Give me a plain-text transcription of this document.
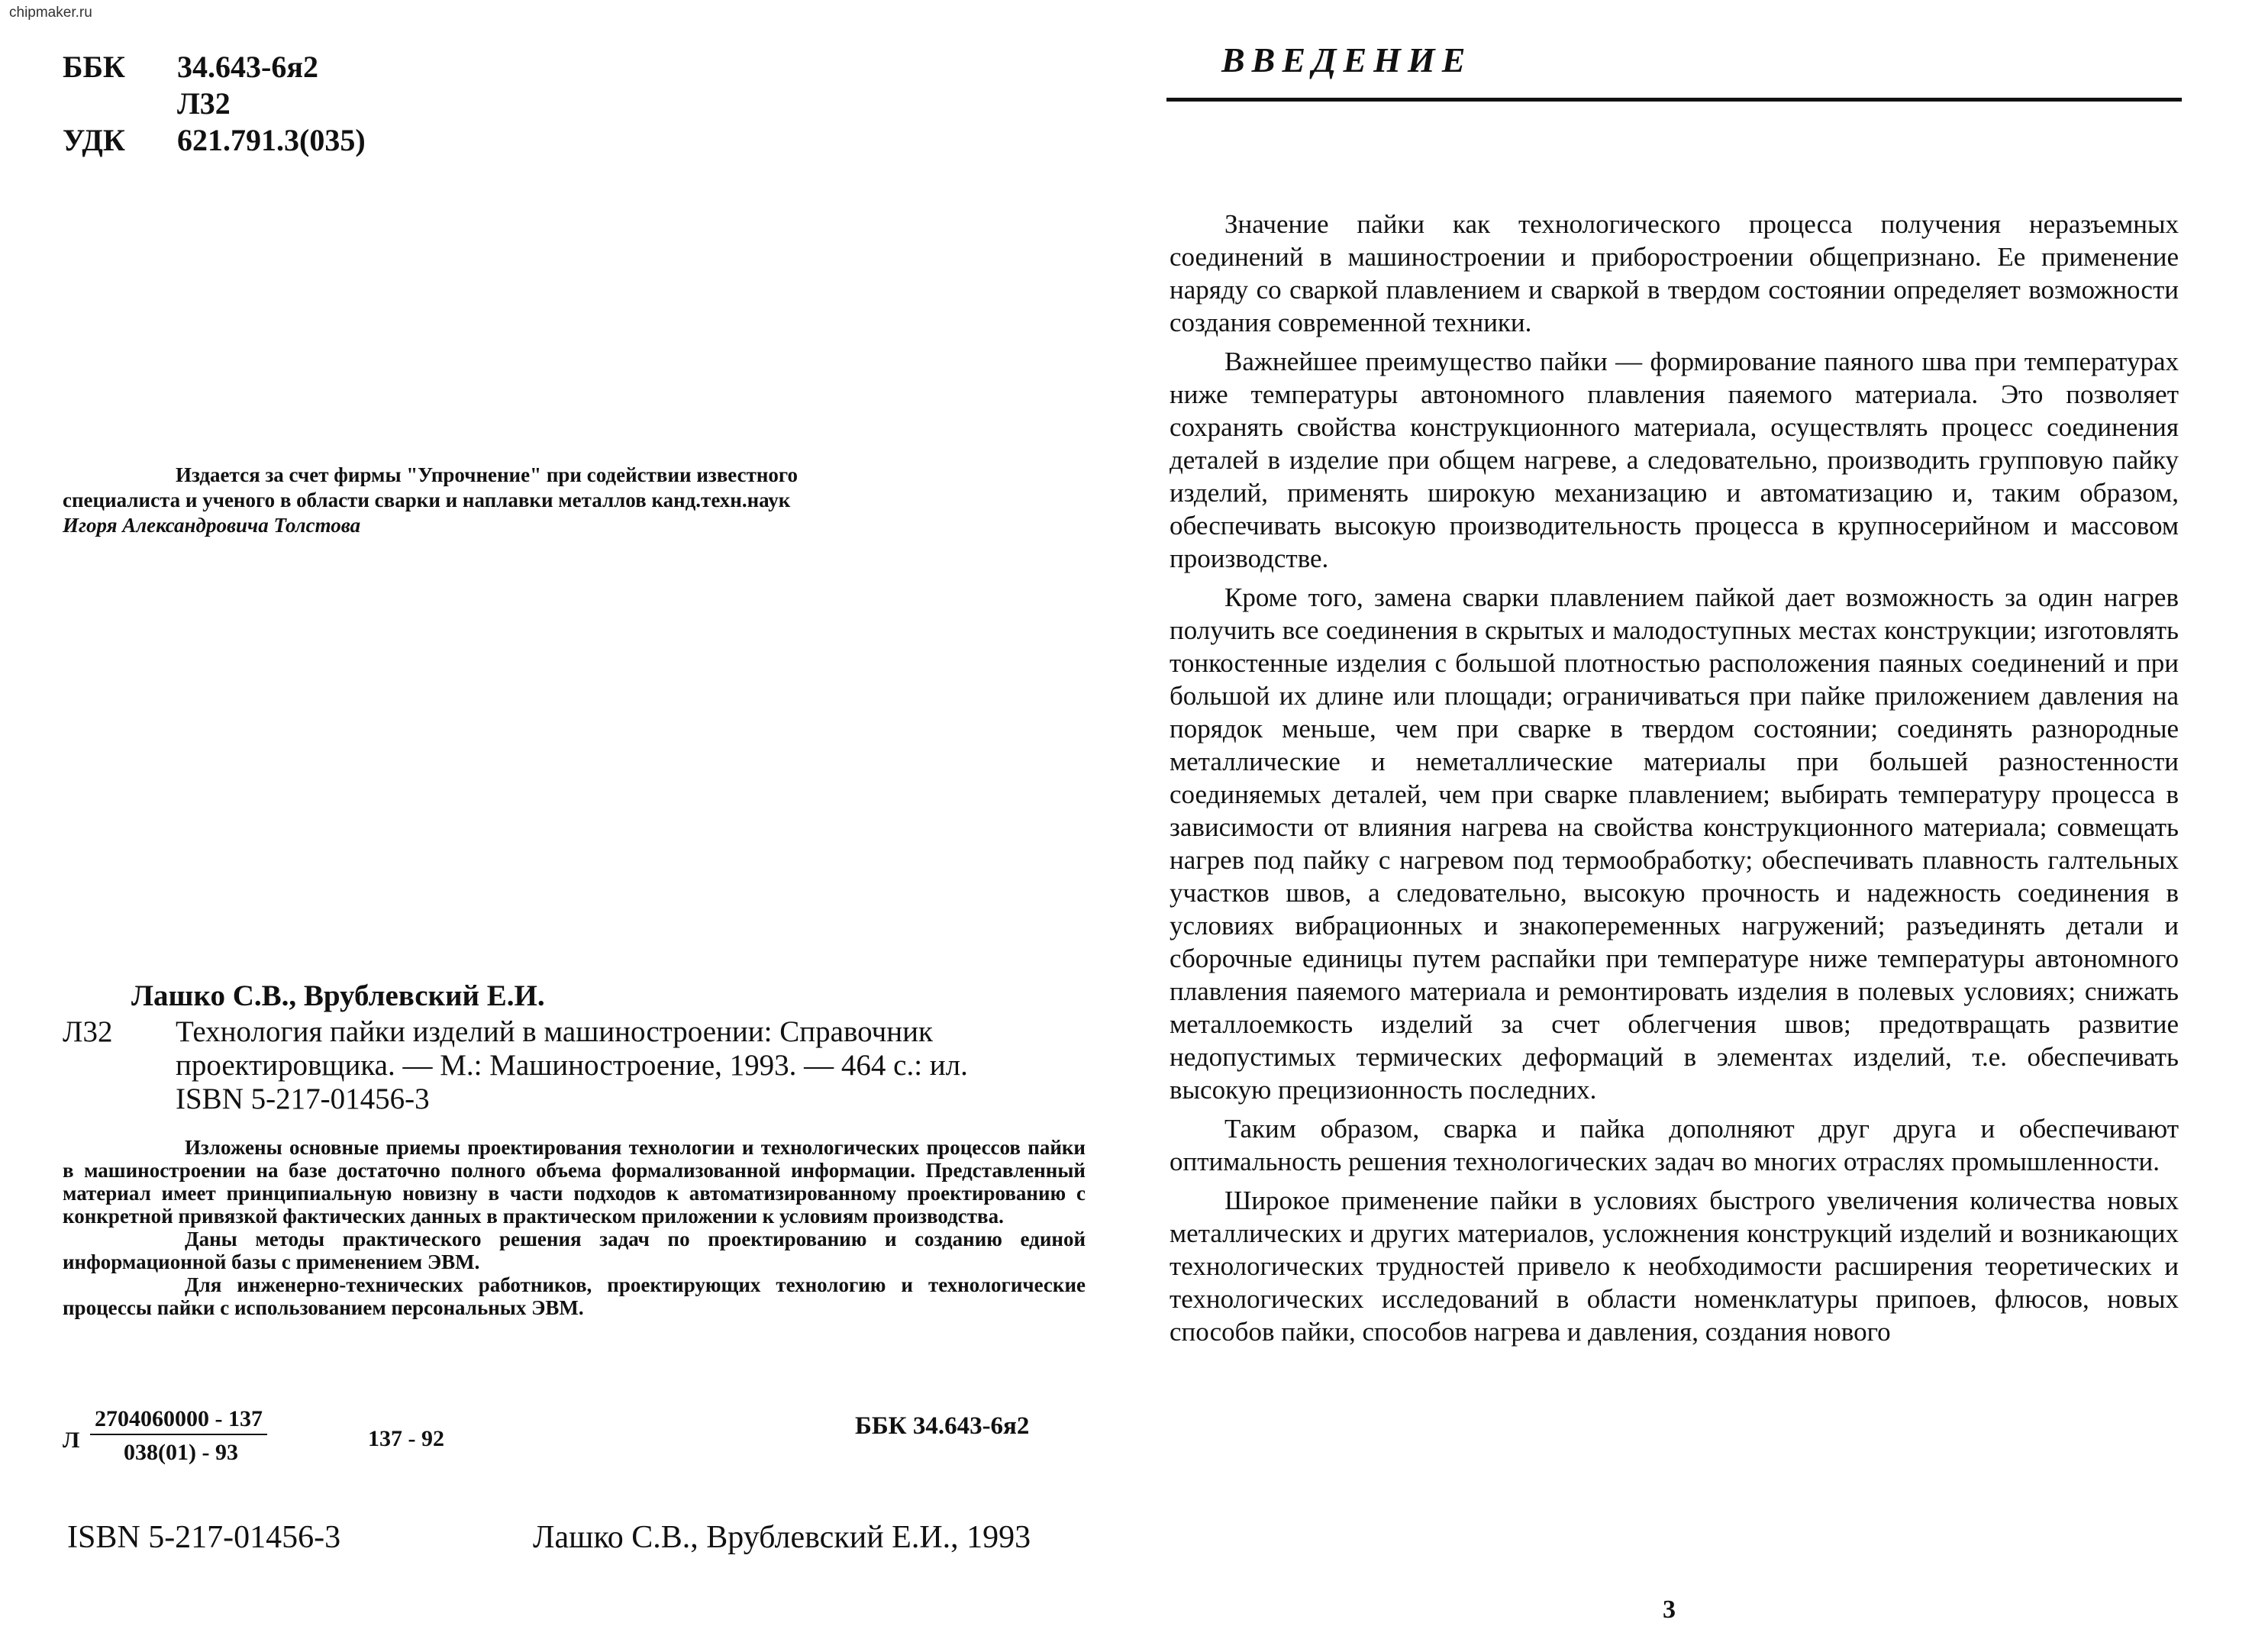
chipmaker.ru
ББК	34.643-6я2
Л32
УДК	621.791.3(035)
Издается за счет фирмы "Упрочнение" при содействии известного
специалиста и ученого в области сварки и наплавки металлов канд.техн.наук
Игоря Александровича Толстова
Лашко С.В., Врублевский Е.И.
Л32 Технология пайки изделий в машиностроении: Справочник проектировщика. — М.: Машиностроение, 1993. — 464 с.: ил.
ISBN 5-217-01456-3

Изложены основные приемы проектирования технологии и технологических процессов пайки в машиностроении на базе достаточно полного объема формализованной информации. Представленный материал имеет принципиальную новизну в части подходов к автоматизированному проектированию с конкретной привязкой фактических данных в практическом приложении к условиям производства.

Даны методы практического решения задач по проектированию и созданию единой информационной базы с применением ЭВМ.

Для инженерно-технических работников, проектирующих технологию и технологические процессы пайки с использованием персональных ЭВМ.

Л
2704060000 - 137
038(01) - 93
137 - 92	ББК 34.643-6я2
ISBN 5-217-01456-3	Лашко С.В., Врублевский Е.И., 1993
ВВЕДЕНИЕ

Значение пайки как технологического процесса получения неразъемных соединений в машиностроении и приборостроении общепризнано. Ее применение наряду со сваркой плавлением и сваркой в твердом состоянии определяет возможности создания современной техники.

Важнейшее преимущество пайки — формирование паяного шва при температурах ниже температуры автономного плавления паяемого материала. Это позволяет сохранять свойства конструкционного материала, осуществлять процесс соединения деталей в изделие при общем нагреве, а следовательно, производить групповую пайку изделий, применять широкую механизацию и автоматизацию и, таким образом, обеспечивать высокую производительность процесса в крупносерийном и массовом производстве.

Кроме того, замена сварки плавлением пайкой дает возможность за один нагрев получить все соединения в скрытых и малодоступных местах конструкции; изготовлять тонкостенные изделия с большой плотностью расположения паяных соединений и при большой их длине или площади; ограничиваться при пайке приложением давления на порядок меньше, чем при сварке в твердом состоянии; соединять разнородные металлические и неметаллические материалы при большей разностенности соединяемых деталей, чем при сварке плавлением; выбирать температуру процесса в зависимости от влияния нагрева на свойства конструкционного материала; совмещать нагрев под пайку с нагревом под термообработку; обеспечивать плавность галтельных участков швов, а следовательно, высокую прочность и надежность соединения в условиях вибрационных и знакопеременных нагружений; разъединять детали и сборочные единицы путем распайки при температуре ниже температуры автономного плавления паяемого материала и ремонтировать изделия в полевых условиях; снижать металлоемкость изделий за счет облегчения швов; предотвращать развитие недопустимых термических деформаций в элементах изделий, т.е. обеспечивать высокую прецизионность последних.

Таким образом, сварка и пайка дополняют друг друга и обеспечивают оптимальность решения технологических задач во многих отраслях промышленности.

Широкое применение пайки в условиях быстрого увеличения количества новых металлических и других материалов, усложнения конструкций изделий и возникающих технологических трудностей привело к необходимости расширения теоретических и технологических исследований в области номенклатуры припоев, флюсов, новых способов пайки, способов нагрева и давления, создания нового

3
